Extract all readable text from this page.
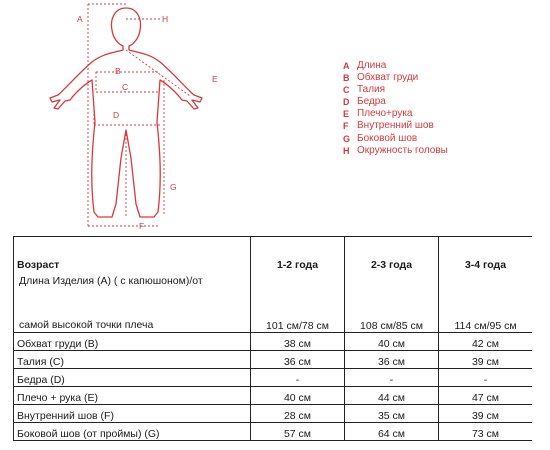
A	H
B
C
D
E
G
F
A Длина
B Обхват груди
C Талия
D Бедра
E Плечо+рука
F Внутренний шов
G Боковой шов
H Окружность головы
Возраст	1-2 года	2-3 года	3-4 года

Длина Изделия (А) ( с капюшоном)/от
самой высокой точки плеча	101 см/78 см	108 см/85 см	114 см/95 см
Обхват груди (B)	38 см	40 см	42 см
Талия (C)	36 см	36 см	39 см
Бедра (D)	-	-	-
Плечо + рука (E)	40 см	44 см	47 см
Внутренний шов (F)	28 см	35 см	39 см
Боковой шов (от проймы) (G)	57 см	64 см	73 см
